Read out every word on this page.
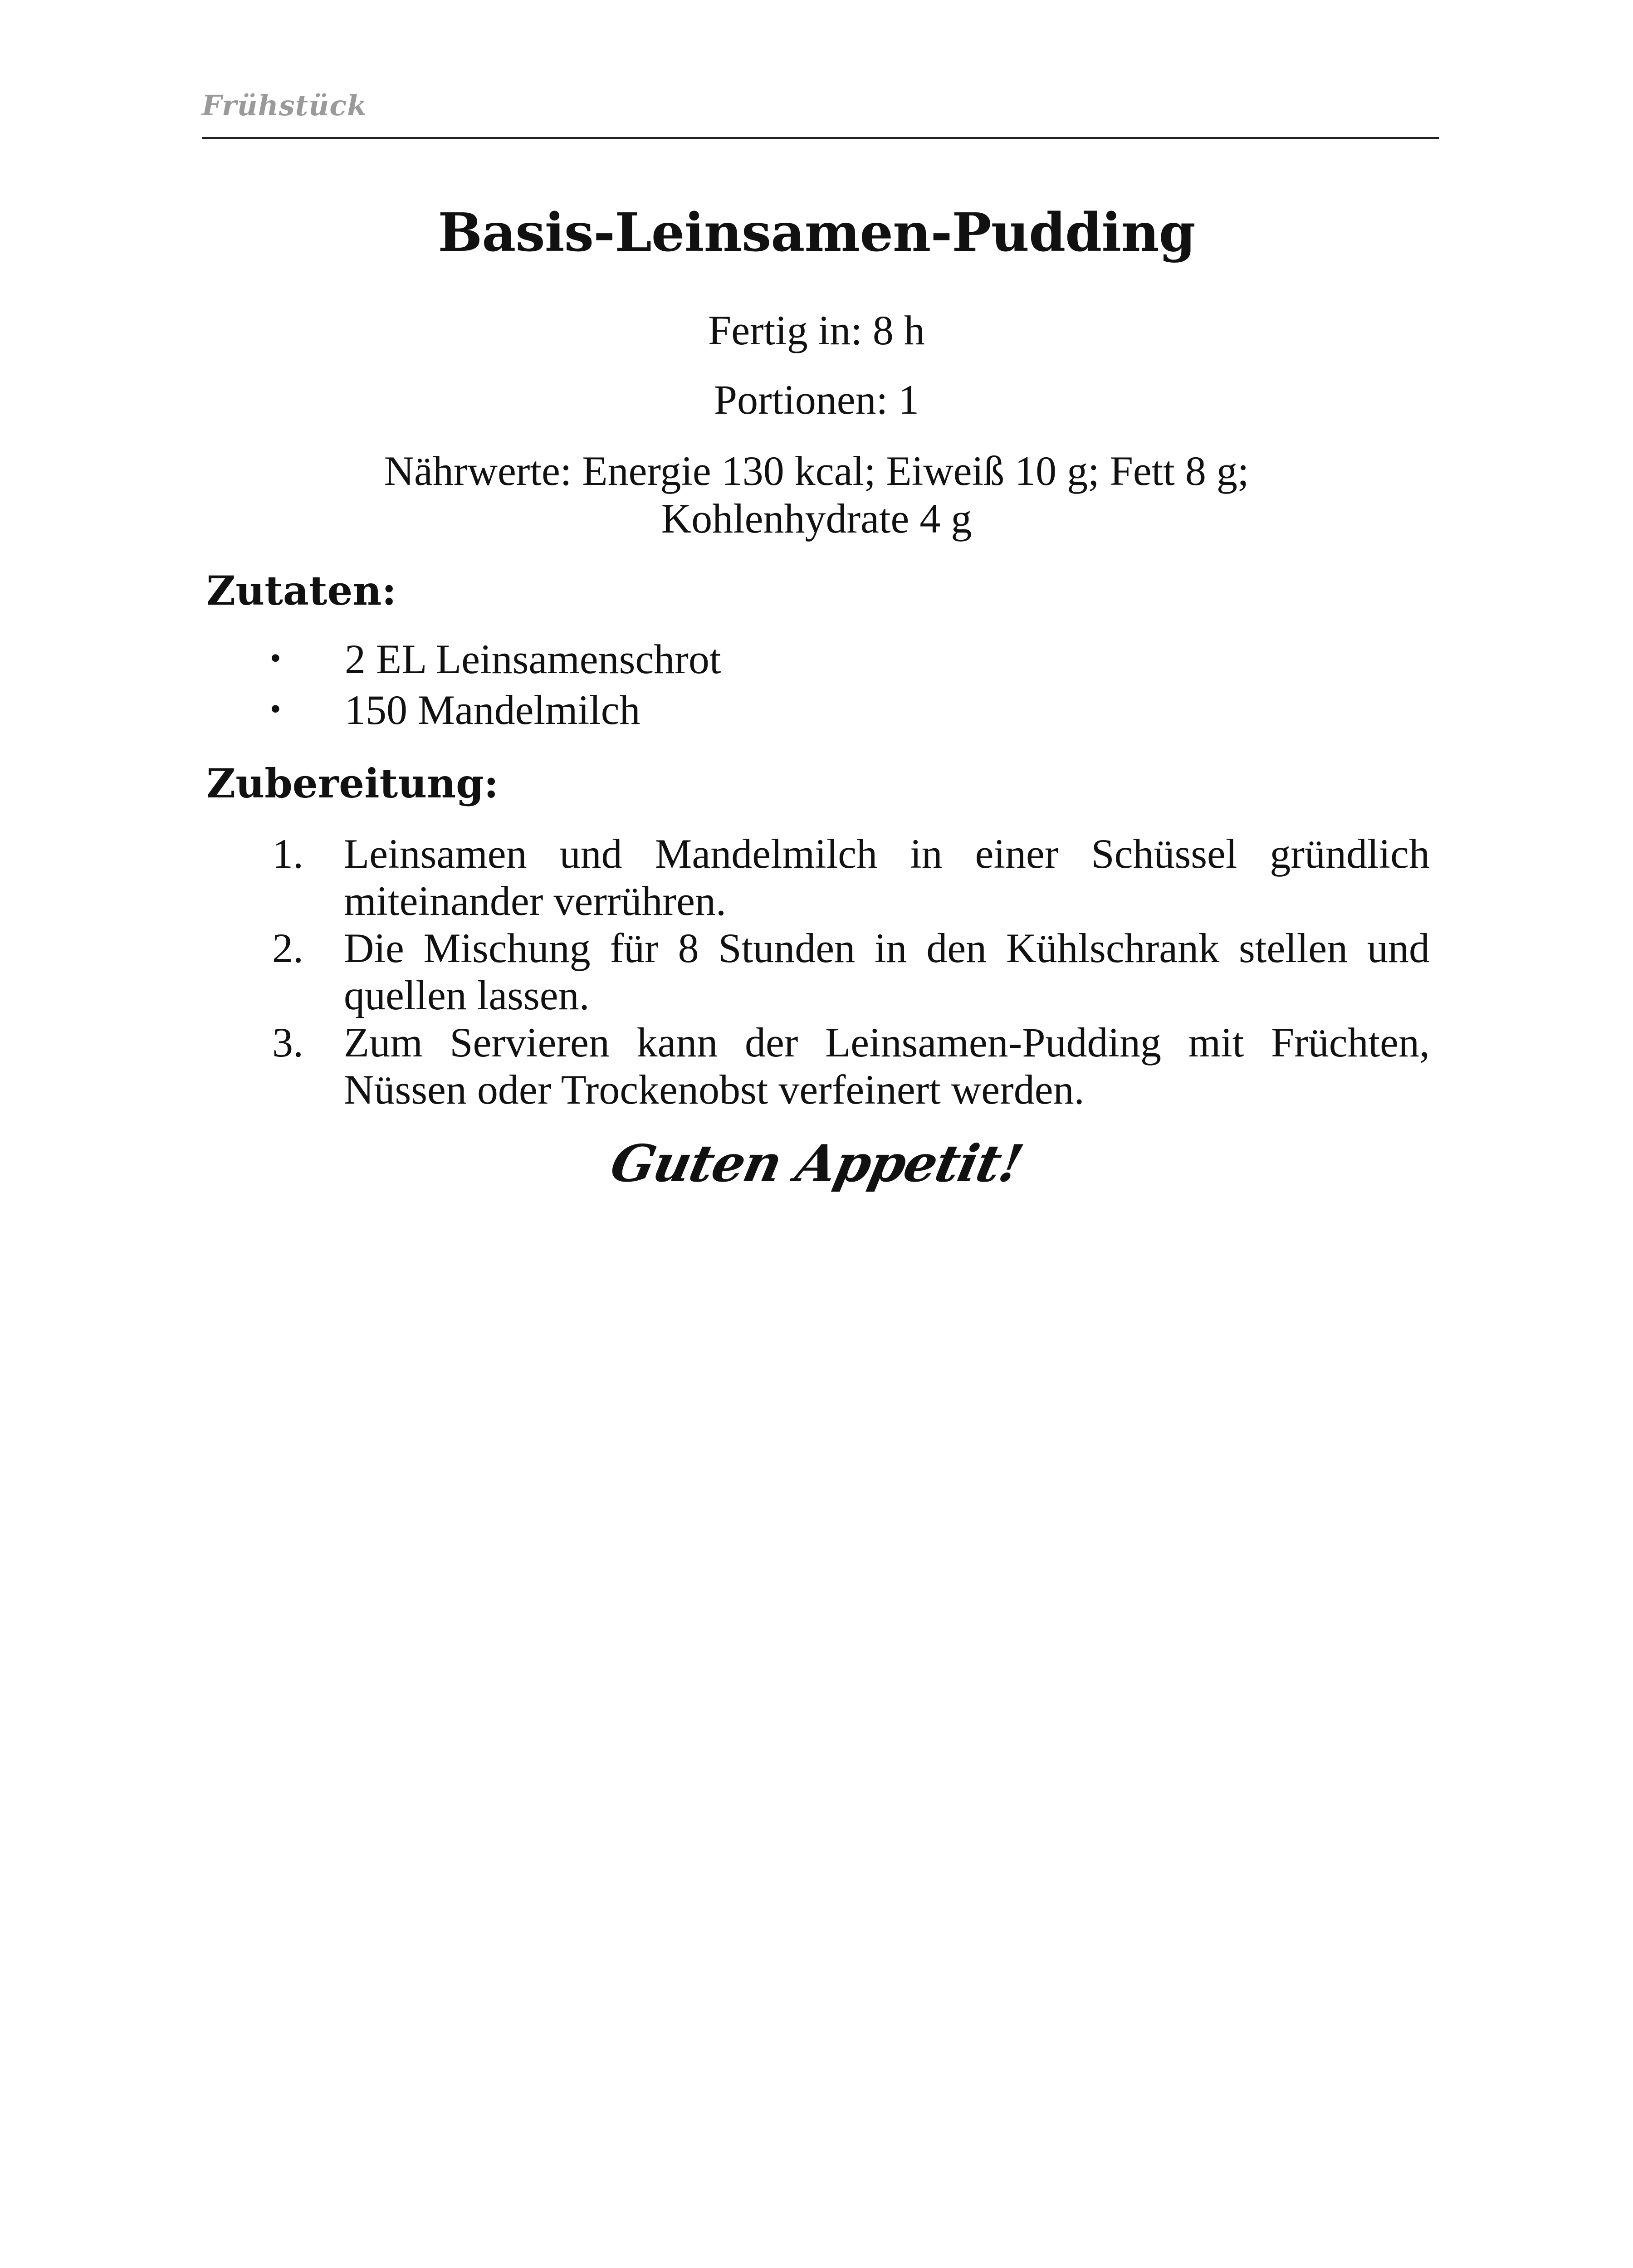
Frühstück
Basis-Leinsamen-Pudding
Fertig in: 8 h
Portionen: 1
Nährwerte: Energie 130 kcal; Eiweiß 10 g; Fett 8 g;
Kohlenhydrate 4 g
Zutaten:
• 2 EL Leinsamenschrot
• 150 Mandelmilch
Zubereitung:
1. Leinsamen und Mandelmilch in einer Schüssel gründlich miteinander verrühren.
2. Die Mischung für 8 Stunden in den Kühlschrank stellen und quellen lassen.
3. Zum Servieren kann der Leinsamen-Pudding mit Früchten, Nüssen oder Trockenobst verfeinert werden.
Guten Appetit!
